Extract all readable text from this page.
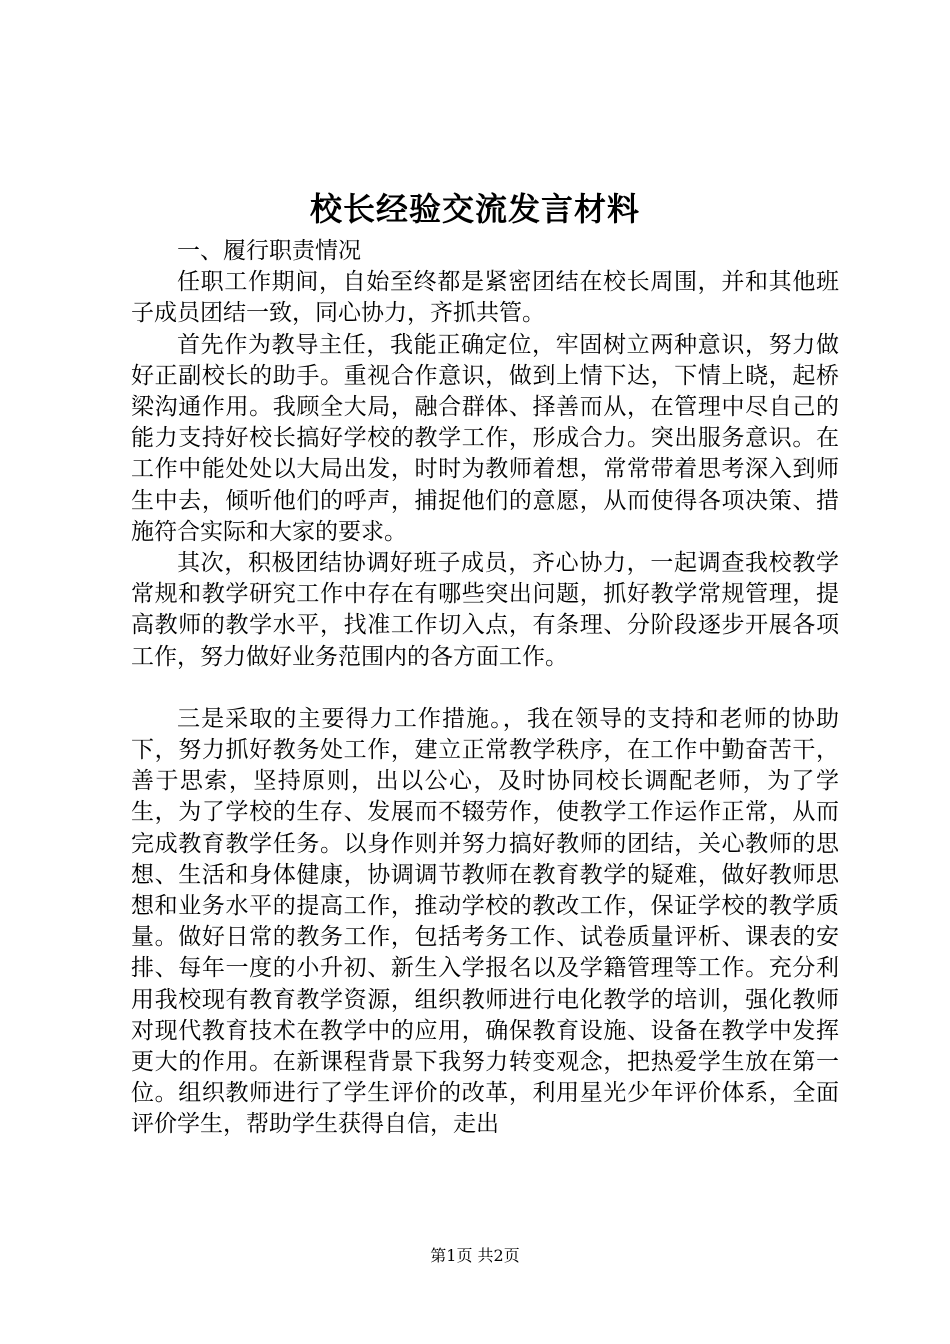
校长经验交流发言材料

一、履行职责情况

任职工作期间，自始至终都是紧密团结在校长周围，并和其他班子成员团结一致，同心协力，齐抓共管。

首先作为教导主任，我能正确定位，牢固树立两种意识，努力做好正副校长的助手。重视合作意识，做到上情下达，下情上晓，起桥梁沟通作用。我顾全大局，融合群体、择善而从，在管理中尽自己的能力支持好校长搞好学校的教学工作，形成合力。突出服务意识。在工作中能处处以大局出发，时时为教师着想，常常带着思考深入到师生中去，倾听他们的呼声，捕捉他们的意愿，从而使得各项决策、措施符合实际和大家的要求。

其次，积极团结协调好班子成员，齐心协力，一起调查我校教学常规和教学研究工作中存在有哪些突出问题，抓好教学常规管理，提高教师的教学水平，找准工作切入点，有条理、分阶段逐步开展各项工作，努力做好业务范围内的各方面工作。

三是采取的主要得力工作措施。，我在领导的支持和老师的协助下，努力抓好教务处工作，建立正常教学秩序，在工作中勤奋苦干，善于思索，坚持原则，出以公心，及时协同校长调配老师，为了学生，为了学校的生存、发展而不辍劳作，使教学工作运作正常，从而完成教育教学任务。以身作则并努力搞好教师的团结，关心教师的思想、生活和身体健康，协调调节教师在教育教学的疑难，做好教师思想和业务水平的提高工作，推动学校的教改工作，保证学校的教学质量。做好日常的教务工作，包括考务工作、试卷质量评析、课表的安排、每年一度的小升初、新生入学报名以及学籍管理等工作。充分利用我校现有教育教学资源，组织教师进行电化教学的培训，强化教师对现代教育技术在教学中的应用，确保教育设施、设备在教学中发挥更大的作用。在新课程背景下我努力转变观念，把热爱学生放在第一位。组织教师进行了学生评价的改革，利用星光少年评价体系，全面评价学生，帮助学生获得自信，走出

第1页 共2页
